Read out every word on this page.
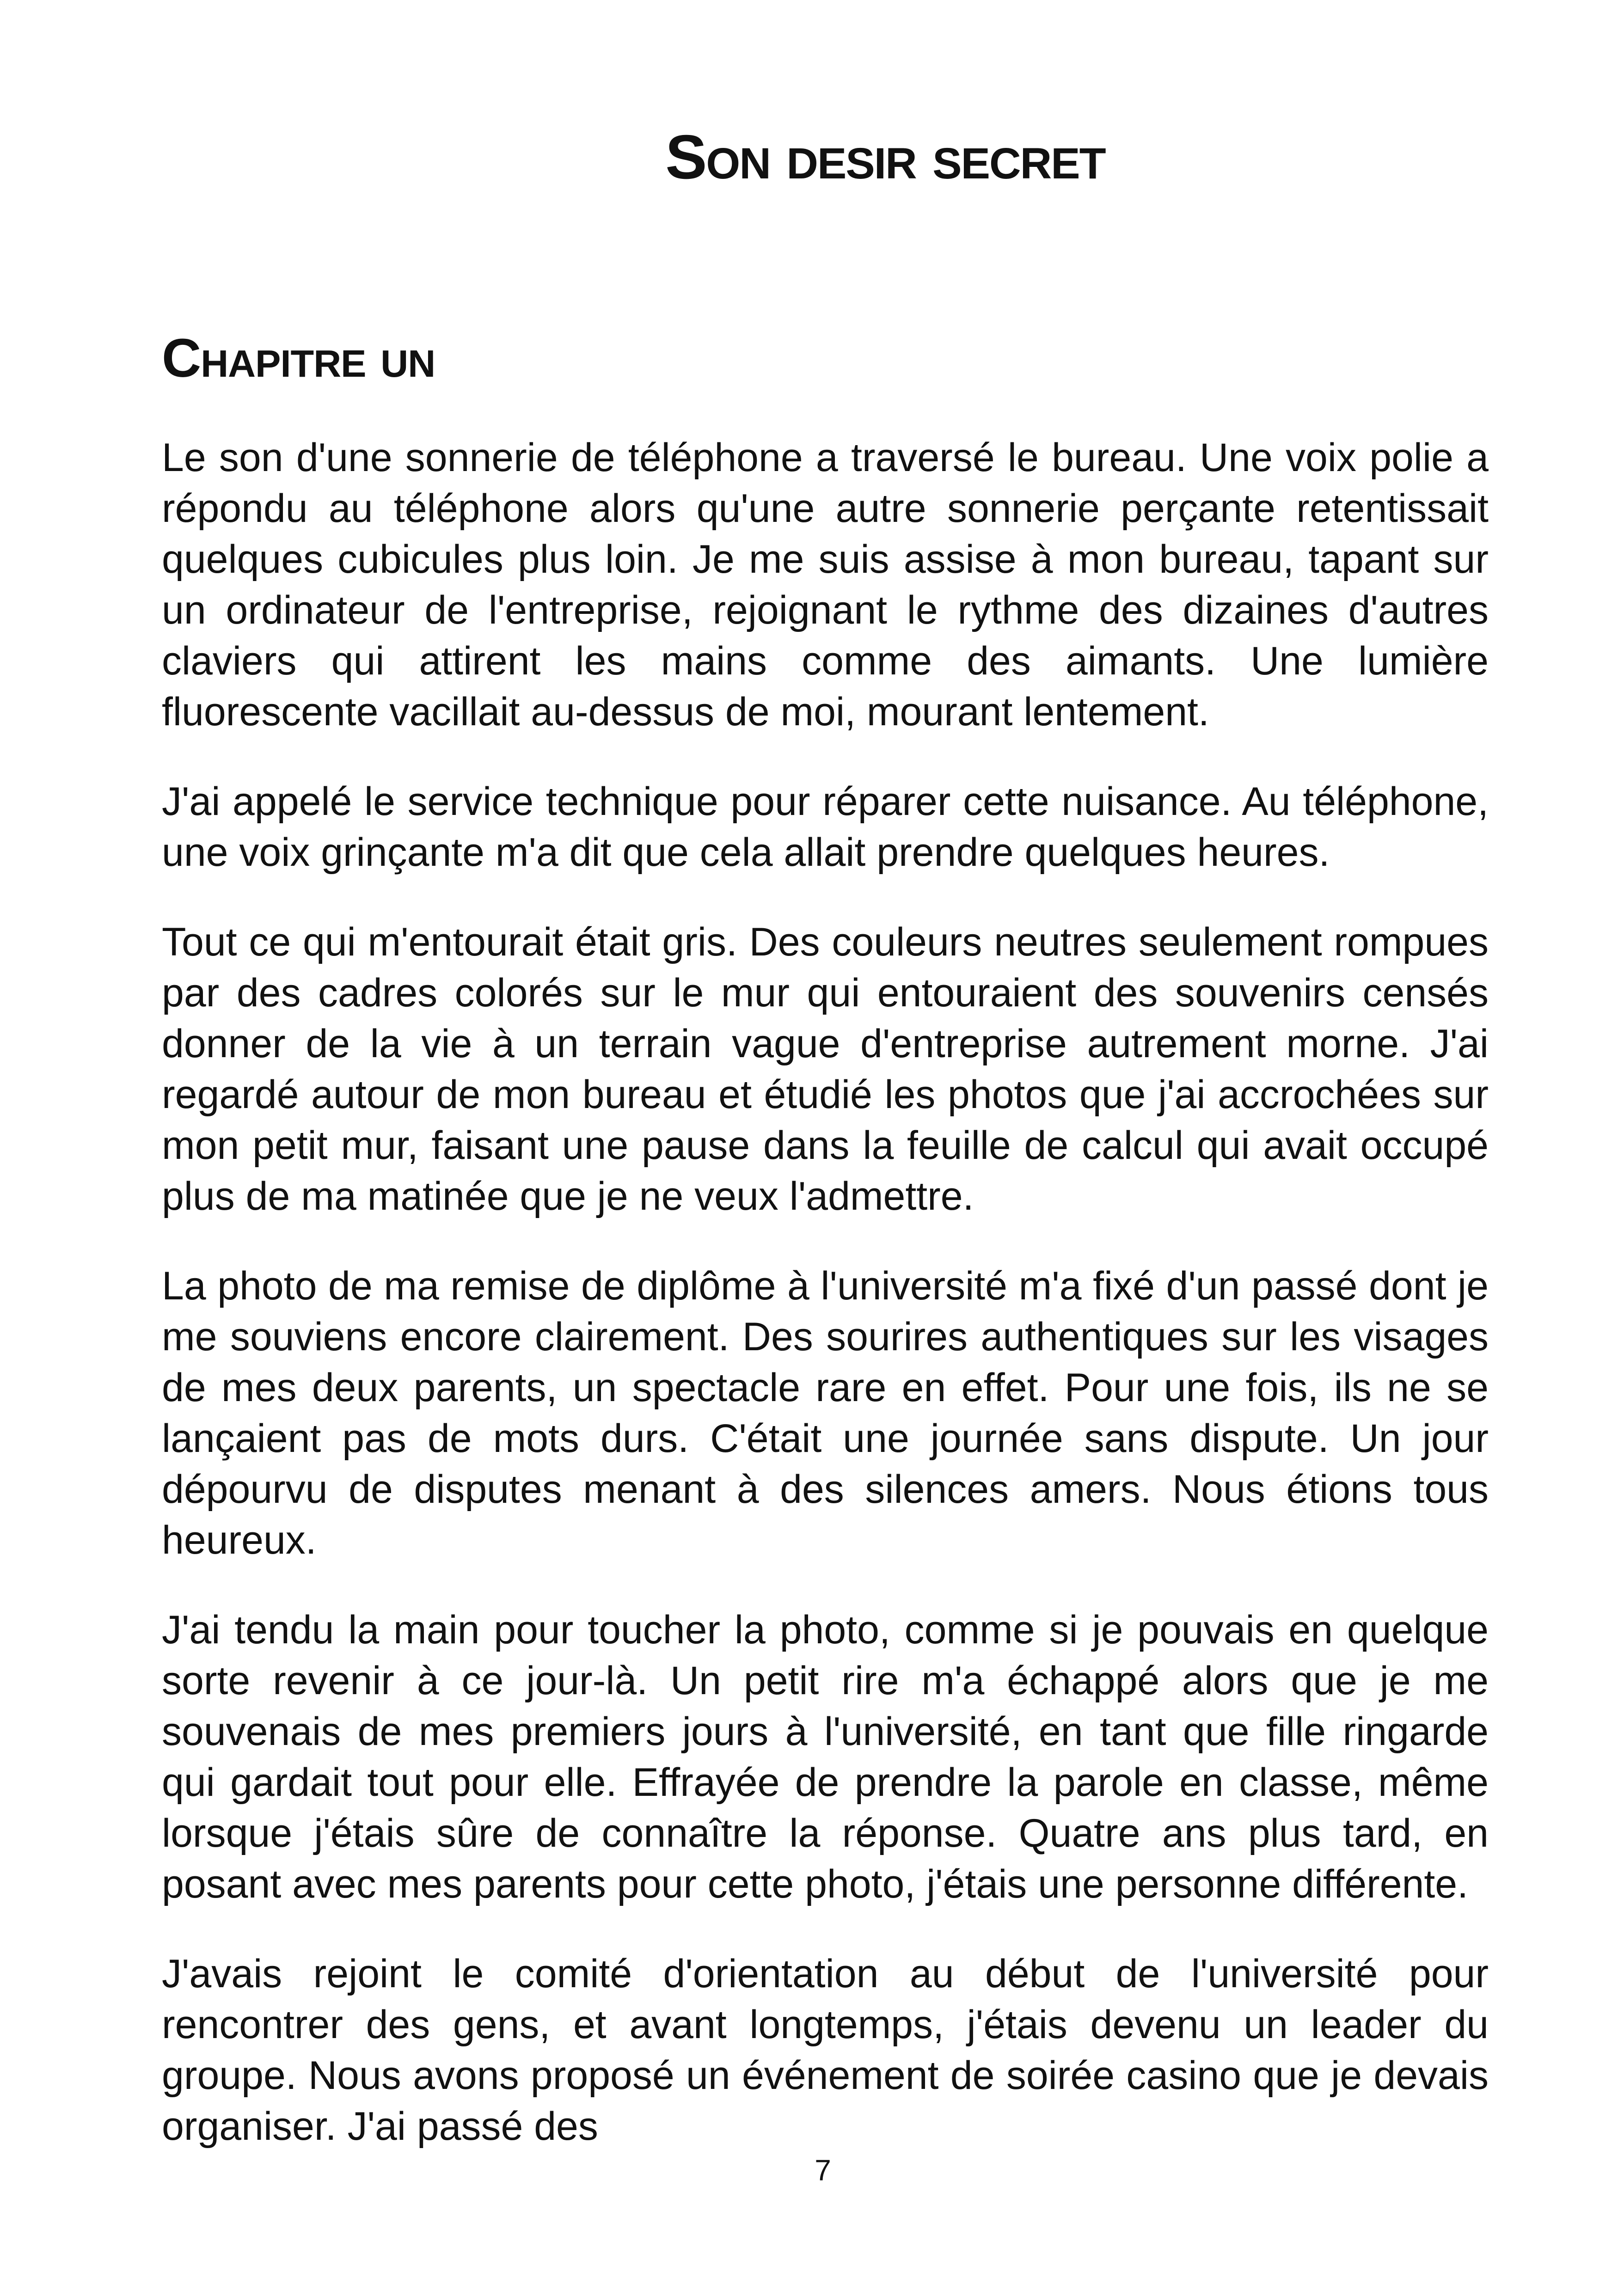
Son desir secret
Chapitre un

Le son d'une sonnerie de téléphone a traversé le bureau. Une voix polie a répondu au téléphone alors qu'une autre sonnerie perçante retentissait quelques cubicules plus loin. Je me suis assise à mon bureau, tapant sur un ordinateur de l'entreprise, rejoignant le rythme des dizaines d'autres claviers qui attirent les mains comme des aimants. Une lumière fluorescente vacillait au-dessus de moi, mourant lentement.

J'ai appelé le service technique pour réparer cette nuisance. Au téléphone, une voix grinçante m'a dit que cela allait prendre quelques heures.

Tout ce qui m'entourait était gris. Des couleurs neutres seulement rompues par des cadres colorés sur le mur qui entouraient des souvenirs censés donner de la vie à un terrain vague d'entreprise autrement morne. J'ai regardé autour de mon bureau et étudié les photos que j'ai accrochées sur mon petit mur, faisant une pause dans la feuille de calcul qui avait occupé plus de ma matinée que je ne veux l'admettre.

La photo de ma remise de diplôme à l'université m'a fixé d'un passé dont je me souviens encore clairement. Des sourires authentiques sur les visages de mes deux parents, un spectacle rare en effet. Pour une fois, ils ne se lançaient pas de mots durs. C'était une journée sans dispute. Un jour dépourvu de disputes menant à des silences amers. Nous étions tous heureux.

J'ai tendu la main pour toucher la photo, comme si je pouvais en quelque sorte revenir à ce jour-là. Un petit rire m'a échappé alors que je me souvenais de mes premiers jours à l'université, en tant que fille ringarde qui gardait tout pour elle. Effrayée de prendre la parole en classe, même lorsque j'étais sûre de connaître la réponse. Quatre ans plus tard, en posant avec mes parents pour cette photo, j'étais une personne différente.

J'avais rejoint le comité d'orientation au début de l'université pour rencontrer des gens, et avant longtemps, j'étais devenu un leader du groupe. Nous avons proposé un événement de soirée casino que je devais organiser. J'ai passé des

7
